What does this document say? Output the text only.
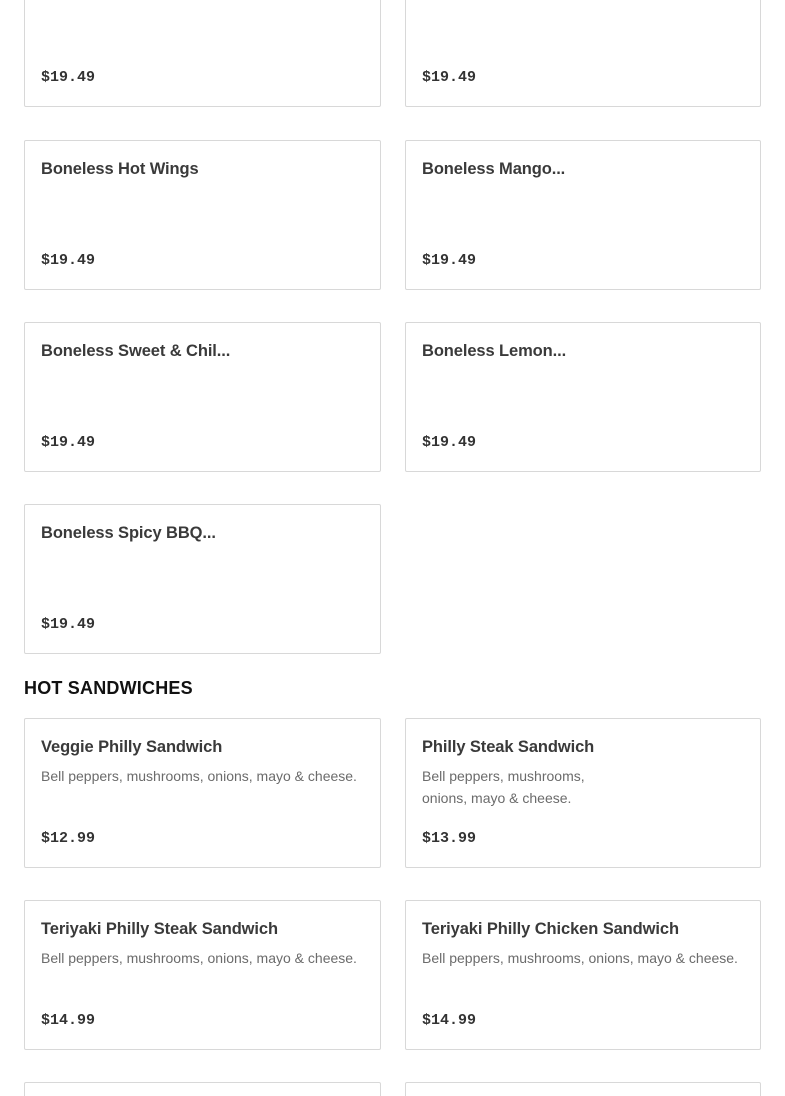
$19.49	$19.49
Boneless Hot Wings
$19.49
Boneless Mango...
$19.49
Boneless Sweet & Chil...
$19.49
Boneless Lemon...
$19.49
Boneless Spicy BBQ...
$19.49
HOT SANDWICHES
Veggie Philly Sandwich
Bell peppers, mushrooms, onions, mayo & cheese.
$12.99
Philly Steak Sandwich
Bell peppers, mushrooms, onions, mayo & cheese.
$13.99
Teriyaki Philly Steak Sandwich
Bell peppers, mushrooms, onions, mayo & cheese.
$14.99
Teriyaki Philly Chicken Sandwich
Bell peppers, mushrooms, onions, mayo & cheese.
$14.99
